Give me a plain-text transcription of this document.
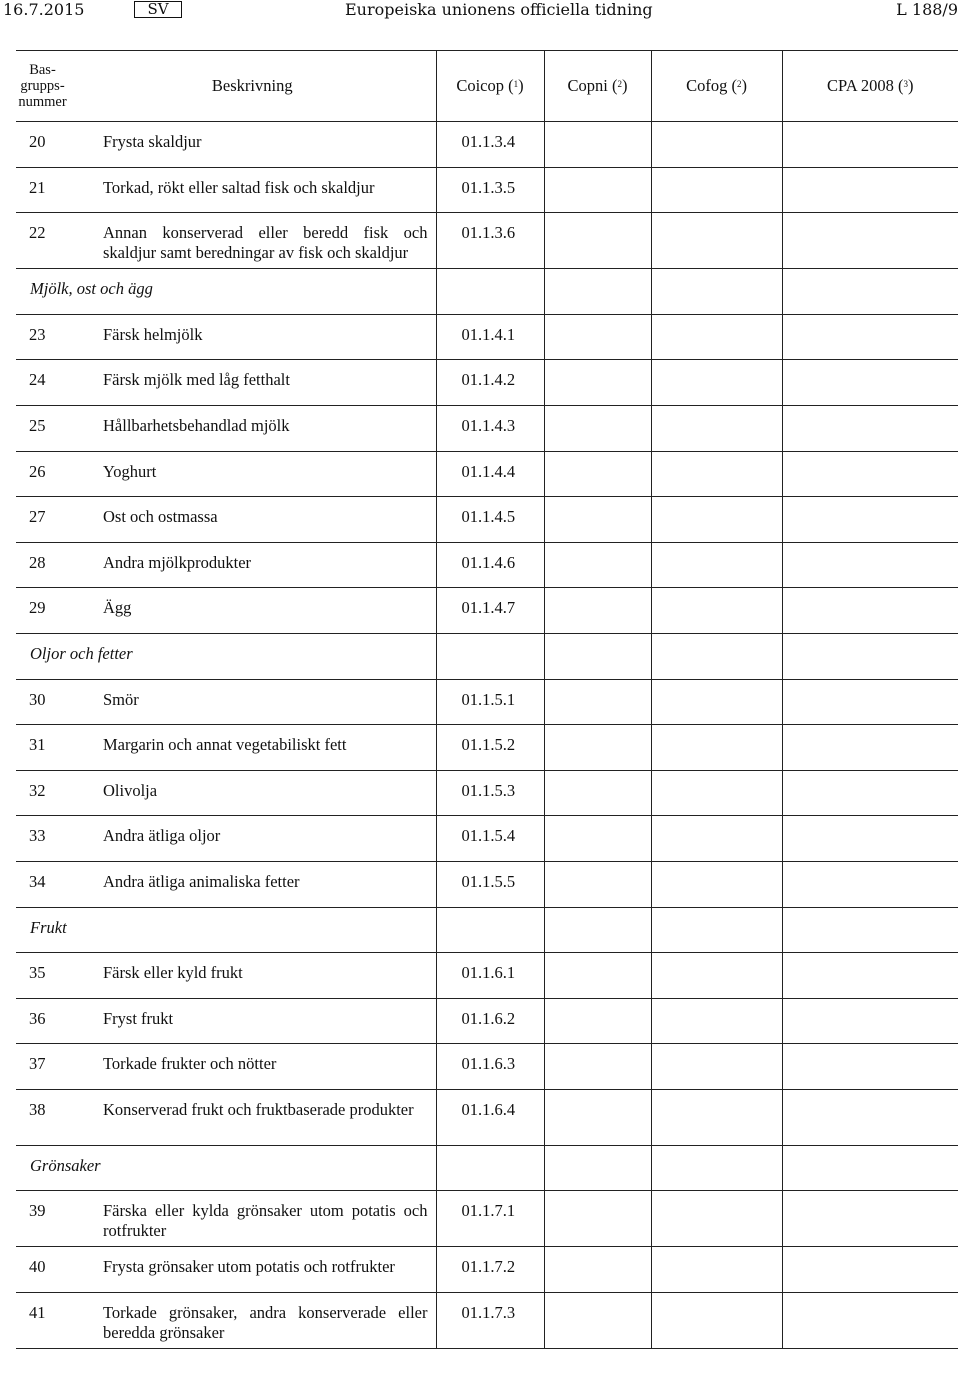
16.7.2015	SV	Europeiska unionens officiella tidning	L 188/9
Bas-
grupps-
nummer	Beskrivning	Coicop ($^1$)	Copni ($^2$)	Cofog ($^2$)	CPA 2008 ($^3$)
20	Frysta skaldjur	01.1.3.4			
21	Torkad, rökt eller saltad fisk och skaldjur	01.1.3.5			
22	Annan konserverad eller beredd fisk och skaldjur samt beredningar av fisk och skaldjur	01.1.3.6			
Mjölk, ost och ägg					
23	Färsk helmjölk	01.1.4.1			
24	Färsk mjölk med låg fetthalt	01.1.4.2			
25	Hållbarhetsbehandlad mjölk	01.1.4.3			
26	Yoghurt	01.1.4.4			
27	Ost och ostmassa	01.1.4.5			
28	Andra mjölkprodukter	01.1.4.6			
29	Ägg	01.1.4.7			
Oljor och fetter					
30	Smör	01.1.5.1			
31	Margarin och annat vegetabiliskt fett	01.1.5.2			
32	Olivolja	01.1.5.3			
33	Andra ätliga oljor	01.1.5.4			
34	Andra ätliga animaliska fetter	01.1.5.5			
Frukt					
35	Färsk eller kyld frukt	01.1.6.1			
36	Fryst frukt	01.1.6.2			
37	Torkade frukter och nötter	01.1.6.3			
38	Konserverad frukt och fruktbaserade produkter	01.1.6.4			
Grönsaker					
39	Färska eller kylda grönsaker utom potatis och rotfrukter	01.1.7.1			
40	Frysta grönsaker utom potatis och rotfrukter	01.1.7.2			
41	Torkade grönsaker, andra konserverade eller beredda grönsaker	01.1.7.3			
